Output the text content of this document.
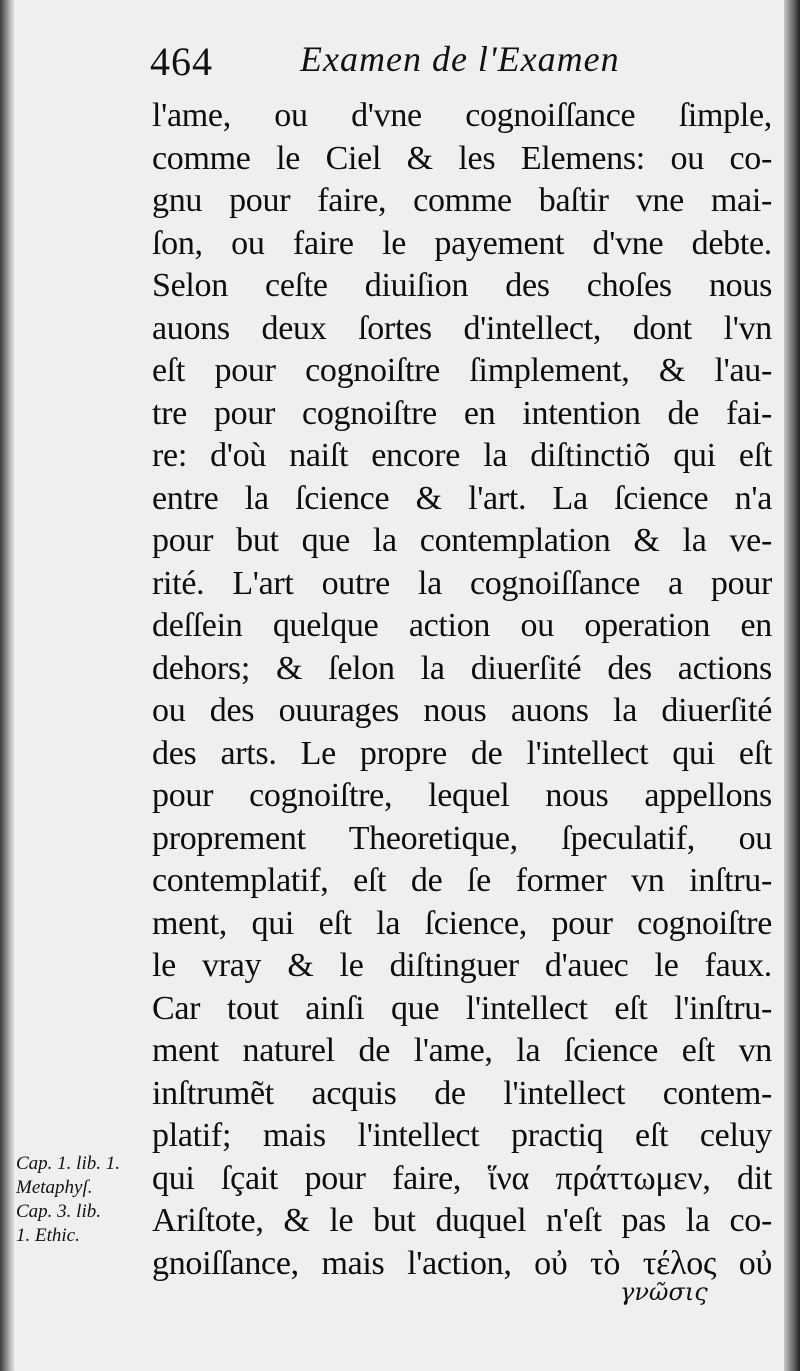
464 Examen de l'Examen
l'ame, ou d'vne cognoiſſance ſimple,
comme le Ciel & les Elemens: ou co-
gnu pour faire, comme baſtir vne mai-
ſon, ou faire le payement d'vne debte.
Selon ceſte diuiſion des choſes nous
auons deux ſortes d'intellect, dont l'vn
eſt pour cognoiſtre ſimplement, & l'au-
tre pour cognoiſtre en intention de fai-
re: d'où naiſt encore la diſtinctiõ qui eſt
entre la ſcience & l'art. La ſcience n'a
pour but que la contemplation & la ve-
rité. L'art outre la cognoiſſance a pour
deſſein quelque action ou operation en
dehors; & ſelon la diuerſité des actions
ou des ouurages nous auons la diuerſité
des arts. Le propre de l'intellect qui eſt
pour cognoiſtre, lequel nous appellons
proprement Theoretique, ſpeculatif, ou
contemplatif, eſt de ſe former vn inſtru-
ment, qui eſt la ſcience, pour cognoiſtre
le vray & le diſtinguer d'auec le faux.
Car tout ainſi que l'intellect eſt l'inſtru-
ment naturel de l'ame, la ſcience eſt vn
inſtrumẽt acquis de l'intellect contem-
platif; mais l'intellect practiq eſt celuy
qui ſçait pour faire, ἵνα πράττωμεν, dit
Ariſtote, & le but duquel n'eſt pas la co-
gnoiſſance, mais l'action, οὐ τὸ τέλος οὐ
Cap. 1. lib. 1.
Metaphyſ.
Cap. 3. lib.
1. Ethic.
γνῶσις
